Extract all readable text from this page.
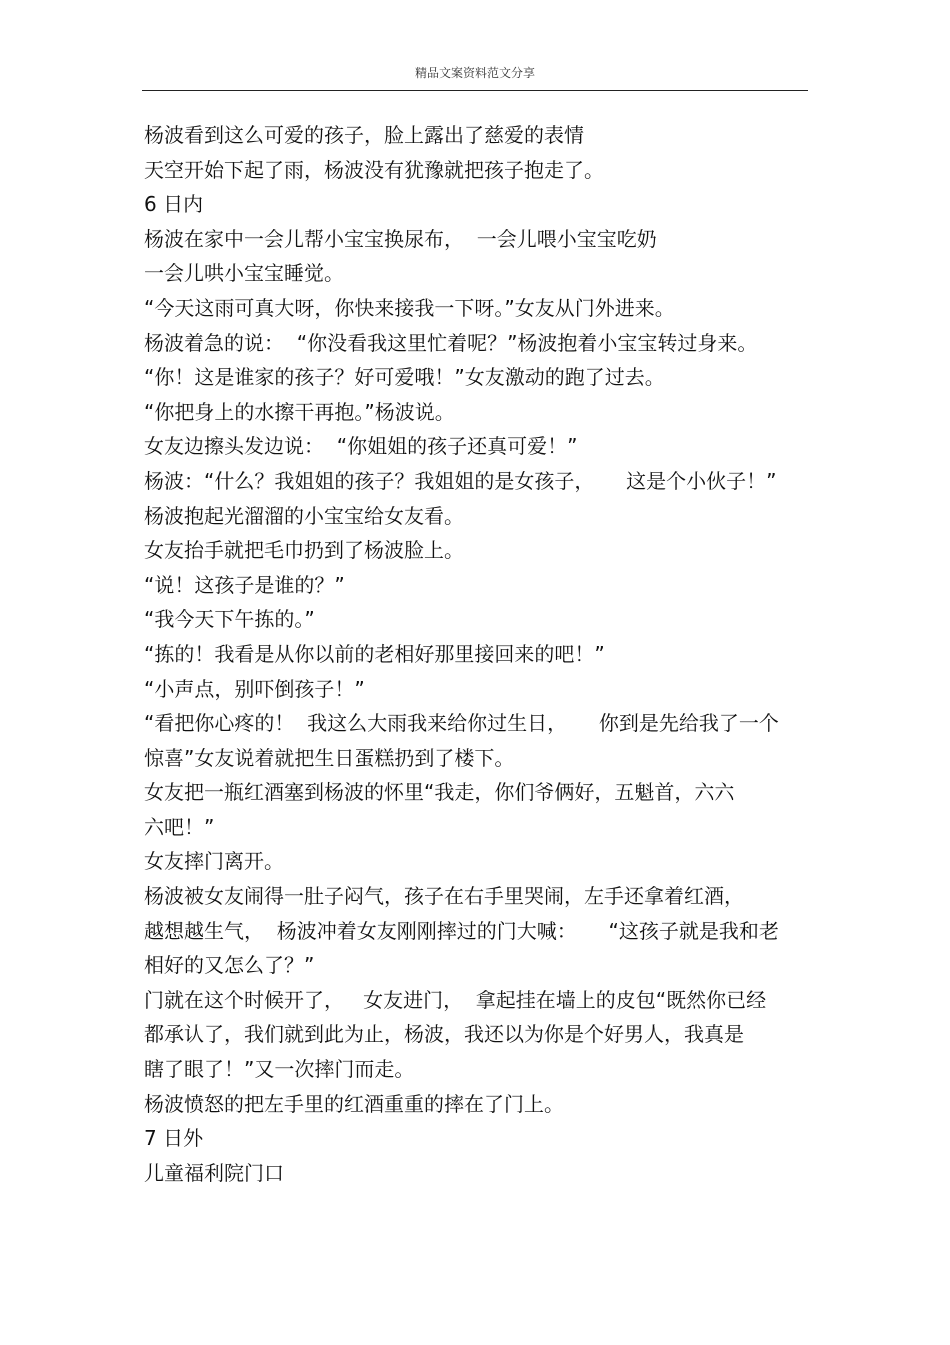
精品文案资料范文分享
杨波看到这么可爱的孩子，脸上露出了慈爱的表情
天空开始下起了雨，杨波没有犹豫就把孩子抱走了。
6 日内
杨波在家中一会儿帮小宝宝换尿布，  一会儿喂小宝宝吃奶
一会儿哄小宝宝睡觉。
“今天这雨可真大呀，你快来接我一下呀。”女友从门外进来。
杨波着急的说：  “你没看我这里忙着呢？”杨波抱着小宝宝转过身来。
“你！这是谁家的孩子？好可爱哦！”女友激动的跑了过去。
“你把身上的水擦干再抱。”杨波说。
女友边擦头发边说：  “你姐姐的孩子还真可爱！”
杨波：“什么？我姐姐的孩子？我姐姐的是女孩子，     这是个小伙子！”
杨波抱起光溜溜的小宝宝给女友看。
女友抬手就把毛巾扔到了杨波脸上。
“说！这孩子是谁的？”
“我今天下午拣的。”
“拣的！我看是从你以前的老相好那里接回来的吧！”
“小声点，别吓倒孩子！”
“看把你心疼的！  我这么大雨我来给你过生日，     你到是先给我了一个
惊喜”女友说着就把生日蛋糕扔到了楼下。
女友把一瓶红酒塞到杨波的怀里“我走，你们爷俩好，五魁首，六六
六吧！”
女友摔门离开。
杨波被女友闹得一肚子闷气，孩子在右手里哭闹，左手还拿着红酒，
越想越生气，  杨波冲着女友刚刚摔过的门大喊：     “这孩子就是我和老
相好的又怎么了？”
门就在这个时候开了，   女友进门，  拿起挂在墙上的皮包“既然你已经
都承认了，我们就到此为止，杨波，我还以为你是个好男人，我真是
瞎了眼了！”又一次摔门而走。
杨波愤怒的把左手里的红酒重重的摔在了门上。
7 日外
儿童福利院门口
